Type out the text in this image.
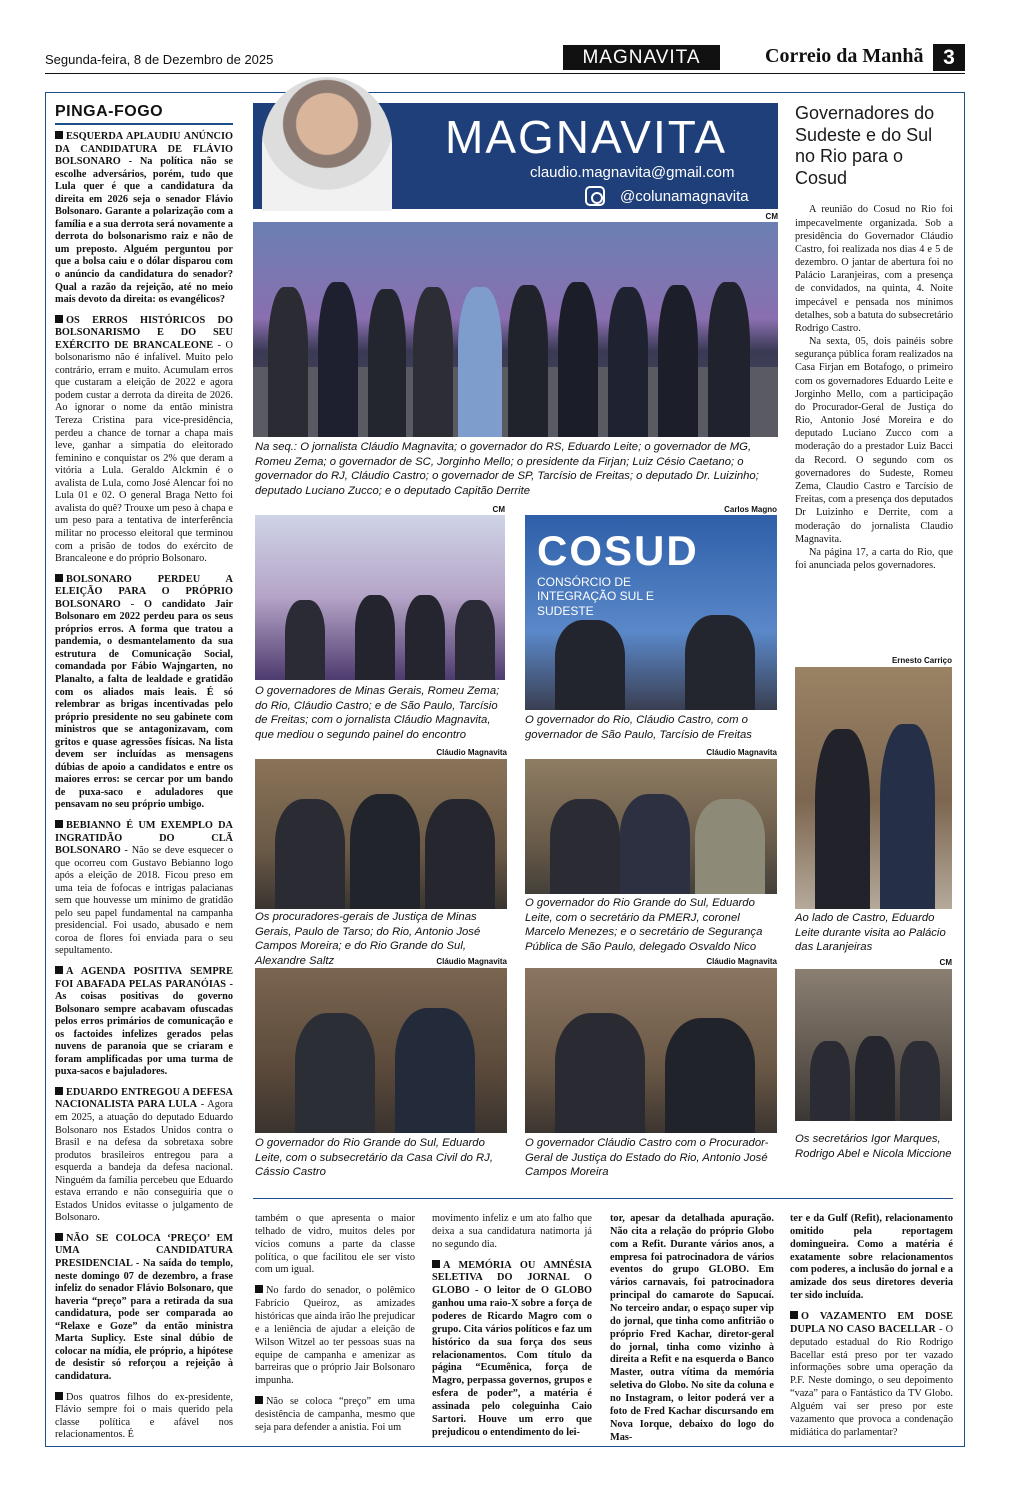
Segunda-feira, 8 de Dezembro de 2025	MAGNAVITA	Correio da Manhã 3
PINGA-FOGO

ESQUERDA APLAUDIU ANÚNCIO DA CANDIDATURA DE FLÁVIO BOLSONARO - Na política não se escolhe adversários, porém, tudo que Lula quer é que a candidatura da direita em 2026 seja o senador Flávio Bolsonaro. Garante a polarização com a família e a sua derrota será novamente a derrota do bolsonarismo raiz e não de um preposto. Alguém perguntou por que a bolsa caiu e o dólar disparou com o anúncio da candidatura do senador? Qual a razão da rejeição, até no meio mais devoto da direita: os evangélicos?

OS ERROS HISTÓRICOS DO BOLSONARISMO E DO SEU EXÉRCITO DE BRANCALEONE - O bolsonarismo não é infalível. Muito pelo contrário, erram e muito. Acumulam erros que custaram a eleição de 2022 e agora podem custar a derrota da direita de 2026. Ao ignorar o nome da então ministra Tereza Cristina para vice-presidência, perdeu a chance de tornar a chapa mais leve, ganhar a simpatia do eleitorado feminino e conquistar os 2% que deram a vitória a Lula. Geraldo Alckmin é o avalista de Lula, como José Alencar foi no Lula 01 e 02. O general Braga Netto foi avalista do quê? Trouxe um peso à chapa e um peso para a tentativa de interferência militar no processo eleitoral que terminou com a prisão de todos do exército de Brancaleone e do próprio Bolsonaro.

BOLSONARO PERDEU A ELEIÇÃO PARA O PRÓPRIO BOLSONARO - O candidato Jair Bolsonaro em 2022 perdeu para os seus próprios erros. A forma que tratou a pandemia, o desmantelamento da sua estrutura de Comunicação Social, comandada por Fábio Wajngarten, no Planalto, a falta de lealdade e gratidão com os aliados mais leais. É só relembrar as brigas incentivadas pelo próprio presidente no seu gabinete com ministros que se antagonizavam, com gritos e quase agressões físicas. Na lista devem ser incluídas as mensagens dúbias de apoio a candidatos e entre os maiores erros: se cercar por um bando de puxa-saco e aduladores que pensavam no seu próprio umbigo.

BEBIANNO É UM EXEMPLO DA INGRATIDÃO DO CLÃ BOLSONARO - Não se deve esquecer o que ocorreu com Gustavo Bebianno logo após a eleição de 2018. Ficou preso em uma teia de fofocas e intrigas palacianas sem que houvesse um mínimo de gratidão pelo seu papel fundamental na campanha presidencial. Foi usado, abusado e nem coroa de flores foi enviada para o seu sepultamento.

A AGENDA POSITIVA SEMPRE FOI ABAFADA PELAS PARANÓIAS - As coisas positivas do governo Bolsonaro sempre acabavam ofuscadas pelos erros primários de comunicação e os factoides infelizes gerados pelas nuvens de paranoia que se criaram e foram amplificadas por uma turma de puxa-sacos e bajuladores.

EDUARDO ENTREGOU A DEFESA NACIONALISTA PARA LULA - Agora em 2025, a atuação do deputado Eduardo Bolsonaro nos Estados Unidos contra o Brasil e na defesa da sobretaxa sobre produtos brasileiros entregou para a esquerda a bandeja da defesa nacional. Ninguém da família percebeu que Eduardo estava errando e não conseguiria que o Estados Unidos evitasse o julgamento de Bolsonaro.

NÃO SE COLOCA ‘PREÇO’ EM UMA CANDIDATURA PRESIDENCIAL - Na saída do templo, neste domingo 07 de dezembro, a frase infeliz do senador Flávio Bolsonaro, que haveria “preço” para a retirada da sua candidatura, pode ser comparada ao “Relaxe e Goze” da então ministra Marta Suplicy. Este sinal dúbio de colocar na mídia, ele próprio, a hipótese de desistir só reforçou a rejeição à candidatura.

Dos quatros filhos do ex-presidente, Flávio sempre foi o mais querido pela classe política e afável nos relacionamentos. É

MAGNAVITA
claudio.magnavita@gmail.com
@colunamagnavita
CM
Na seq.: O jornalista Cláudio Magnavita; o governador do RS, Eduardo Leite; o governador de MG, Romeu Zema; o governador de SC, Jorginho Mello; o presidente da Firjan; Luiz Césio Caetano; o governador do RJ, Cláudio Castro; o governador de SP, Tarcísio de Freitas; o deputado Dr. Luizinho; deputado Luciano Zucco; e o deputado Capitão Derrite
CM
O governadores de Minas Gerais, Romeu Zema; do Rio, Cláudio Castro; e de São Paulo, Tarcísio de Freitas; com o jornalista Cláudio Magnavita, que mediou o segundo painel do encontro
Carlos Magno
COSUD
CONSÓRCIO DE INTEGRAÇÃO SUL E SUDESTE
O governador do Rio, Cláudio Castro, com o governador de São Paulo, Tarcísio de Freitas
Cláudio Magnavita
Os procuradores-gerais de Justiça de Minas Gerais, Paulo de Tarso; do Rio, Antonio José Campos Moreira; e do Rio Grande do Sul, Alexandre Saltz
Cláudio Magnavita
O governador do Rio Grande do Sul, Eduardo Leite, com o secretário da PMERJ, coronel Marcelo Menezes; e o secretário de Segurança Pública de São Paulo, delegado Osvaldo Nico
Ernesto Carriço
Ao lado de Castro, Eduardo Leite durante visita ao Palácio das Laranjeiras
Cláudio Magnavita
O governador do Rio Grande do Sul, Eduardo Leite, com o subsecretário da Casa Civil do RJ, Cássio Castro
Cláudio Magnavita
O governador Cláudio Castro com o Procurador-Geral de Justiça do Estado do Rio, Antonio José Campos Moreira
CM
Os secretários Igor Marques, Rodrigo Abel e Nicola Miccione
Governadores do Sudeste e do Sul no Rio para o Cosud

A reunião do Cosud no Rio foi impecavelmente organizada. Sob a presidência do Governador Cláudio Castro, foi realizada nos dias 4 e 5 de dezembro. O jantar de abertura foi no Palácio Laranjeiras, com a presença de convidados, na quinta, 4. Noite impecável e pensada nos mínimos detalhes, sob a batuta do subsecretário Rodrigo Castro.

Na sexta, 05, dois painéis sobre segurança pública foram realizados na Casa Firjan em Botafogo, o primeiro com os governadores Eduardo Leite e Jorginho Mello, com a participação do Procurador-Geral de Justiça do Rio, Antonio José Moreira e do deputado Luciano Zucco com a moderação do a prestador Luiz Bacci da Record. O segundo com os governadores do Sudeste, Romeu Zema, Claudio Castro e Tarcísio de Freitas, com a presença dos deputados Dr Luizinho e Derrite, com a moderação do jornalista Claudio Magnavita.

Na página 17, a carta do Rio, que foi anunciada pelos governadores.

também o que apresenta o maior telhado de vidro, muitos deles por vícios comuns a parte da classe política, o que facilitou ele ser visto com um igual.

No fardo do senador, o polêmico Fabrício Queiroz, as amizades históricas que ainda irão lhe prejudicar e a leniência de ajudar a eleição de Wilson Witzel ao ter pessoas suas na equipe de campanha e amenizar as barreiras que o próprio Jair Bolsonaro impunha.

Não se coloca “preço” em uma desistência de campanha, mesmo que seja para defender a anistia. Foi um

movimento infeliz e um ato falho que deixa a sua candidatura natimorta já no segundo dia.

A MEMÓRIA OU AMNÉSIA SELETIVA DO JORNAL O GLOBO - O leitor de O GLOBO ganhou uma raio-X sobre a força de poderes de Ricardo Magro com o grupo. Cita vários políticos e faz um histórico da sua força dos seus relacionamentos. Com título da página “Ecumênica, força de Magro, perpassa governos, grupos e esfera de poder”, a matéria é assinada pelo coleguinha Caio Sartori. Houve um erro que prejudicou o entendimento do lei-

tor, apesar da detalhada apuração. Não cita a relação do próprio Globo com a Refit. Durante vários anos, a empresa foi patrocinadora de vários eventos do grupo GLOBO. Em vários carnavais, foi patrocinadora principal do camarote do Sapucaí. No terceiro andar, o espaço super vip do jornal, que tinha como anfitrião o próprio Fred Kachar, diretor-geral do jornal, tinha como vizinho à direita a Refit e na esquerda o Banco Master, outra vítima da memória seletiva do Globo. No site da coluna e no Instagram, o leitor poderá ver a foto de Fred Kachar discursando em Nova Iorque, debaixo do logo do Mas-

ter e da Gulf (Refit), relacionamento omitido pela reportagem domingueira. Como a matéria é exatamente sobre relacionamentos com poderes, a inclusão do jornal e a amizade dos seus diretores deveria ter sido incluída.

O VAZAMENTO EM DOSE DUPLA NO CASO BACELLAR - O deputado estadual do Rio Rodrigo Bacellar está preso por ter vazado informações sobre uma operação da P.F. Neste domingo, o seu depoimento “vaza” para o Fantástico da TV Globo. Alguém vai ser preso por este vazamento que provoca a condenação midiática do parlamentar?
